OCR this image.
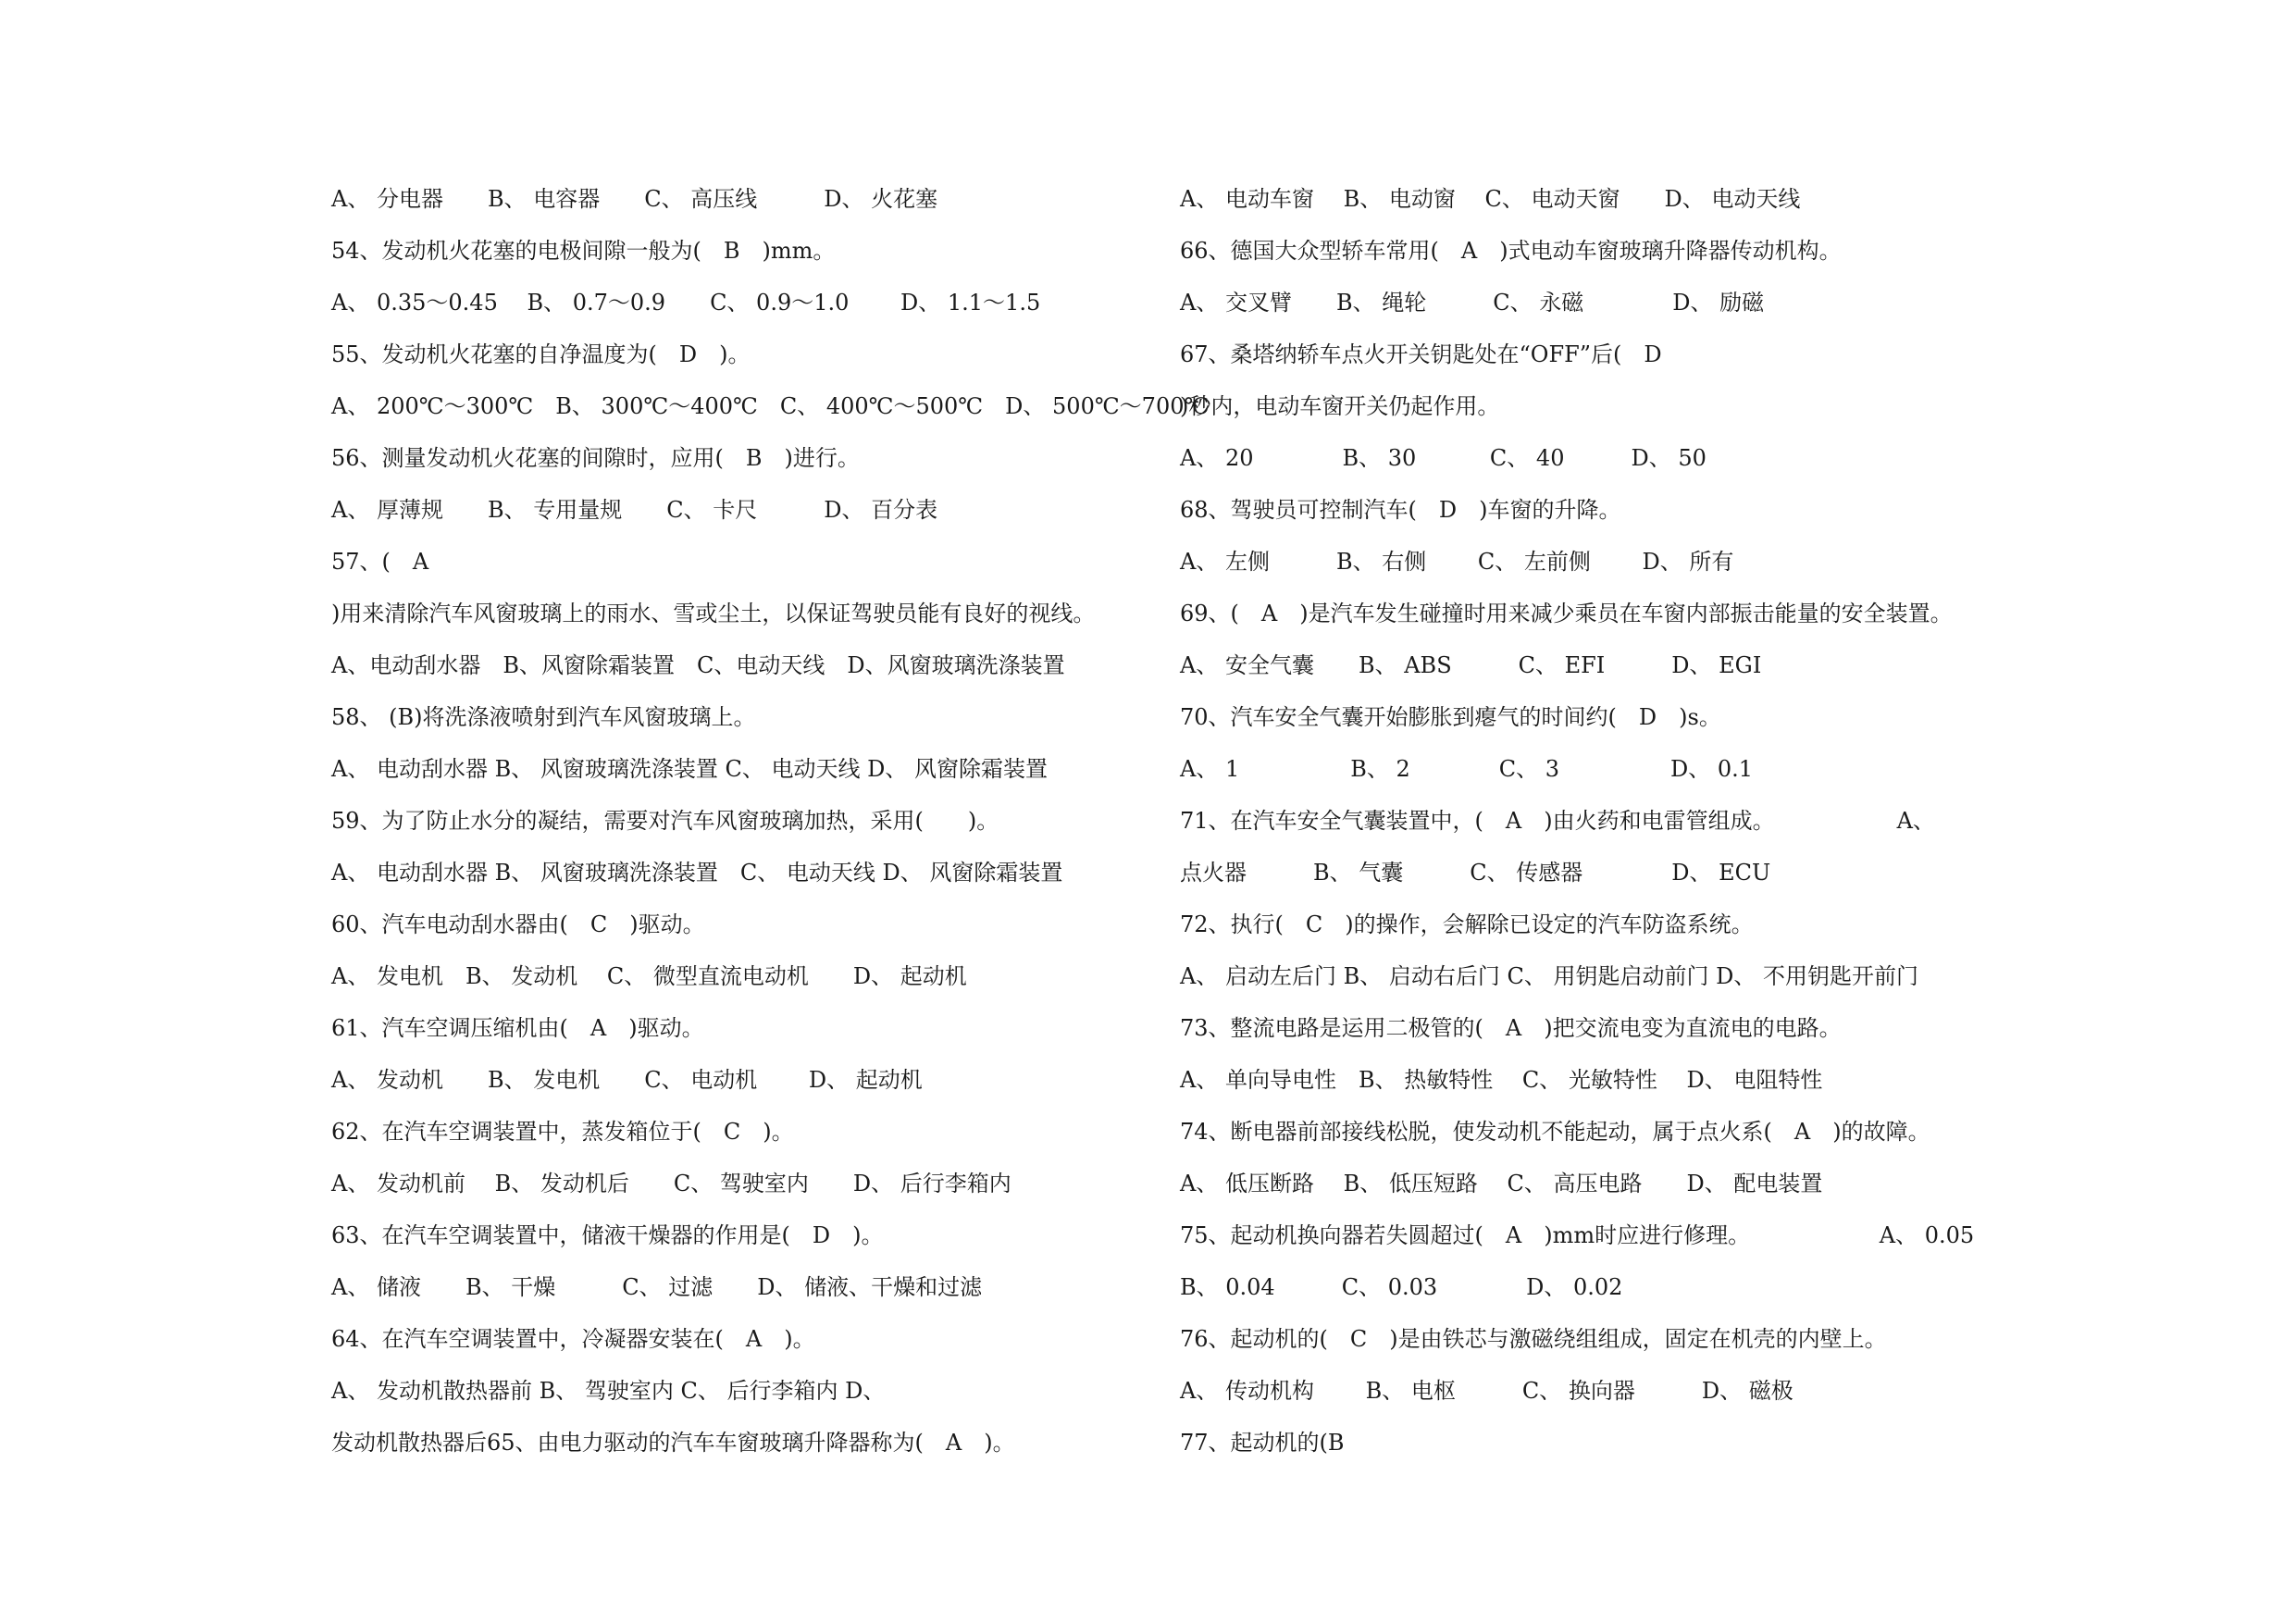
A、 分电器　　B、 电容器　　C、 高压线　　　D、 火花塞
54、发动机火花塞的电极间隙一般为(　B　)mm。
A、 0.35～0.45　 B、 0.7～0.9　　C、 0.9～1.0　　 D、 1.1～1.5
55、发动机火花塞的自净温度为(　D　)。
A、 200℃～300℃　B、 300℃～400℃　C、 400℃～500℃　D、 500℃～700℃
56、测量发动机火花塞的间隙时，应用(　B　)进行。
A、 厚薄规　　B、 专用量规　　C、 卡尺　　　D、 百分表
57、(　A
)用来清除汽车风窗玻璃上的雨水、雪或尘土，以保证驾驶员能有良好的视线。
A、电动刮水器　B、风窗除霜装置　C、电动天线　D、风窗玻璃洗涤装置
58、 (B)将洗涤液喷射到汽车风窗玻璃上。
A、 电动刮水器 B、 风窗玻璃洗涤装置 C、 电动天线 D、 风窗除霜装置
59、为了防止水分的凝结，需要对汽车风窗玻璃加热，采用(　　)。
A、 电动刮水器 B、 风窗玻璃洗涤装置　C、 电动天线 D、 风窗除霜装置
60、汽车电动刮水器由(　C　)驱动。
A、 发电机　B、 发动机　 C、 微型直流电动机　　D、 起动机
61、汽车空调压缩机由(　A　)驱动。
A、 发动机　　B、 发电机　　C、 电动机　　 D、 起动机
62、在汽车空调装置中，蒸发箱位于(　C　)。
A、 发动机前　 B、 发动机后　　C、 驾驶室内　　D、 后行李箱内
63、在汽车空调装置中，储液干燥器的作用是(　D　)。
A、 储液　　B、 干燥　　　C、 过滤　　D、 储液、干燥和过滤
64、在汽车空调装置中，冷凝器安装在(　A　)。
A、 发动机散热器前 B、 驾驶室内 C、 后行李箱内 D、
发动机散热器后65、由电力驱动的汽车车窗玻璃升降器称为(　A　)。
A、 电动车窗　 B、 电动窗　 C、 电动天窗　　D、 电动天线
66、德国大众型轿车常用(　A　)式电动车窗玻璃升降器传动机构。
A、 交叉臂　　B、 绳轮　　　C、 永磁　　　　D、 励磁
67、桑塔纳轿车点火开关钥匙处在“OFF”后(　D
)秒内，电动车窗开关仍起作用。
A、 20　　　　B、 30　　　 C、 40　　　D、 50
68、驾驶员可控制汽车(　D　)车窗的升降。
A、 左侧　　　B、 右侧　　 C、 左前侧　　 D、 所有
69、(　A　)是汽车发生碰撞时用来减少乘员在车窗内部振击能量的安全装置。
A、 安全气囊　　B、 ABS　　　C、 EFI　　　D、 EGI
70、汽车安全气囊开始膨胀到瘪气的时间约(　D　)s。
A、 1　　　　　B、 2　　　　C、 3　　　　　D、 0.1
71、在汽车安全气囊装置中，(　A　)由火药和电雷管组成。　　　　　　A、
点火器　　　B、 气囊　　　C、 传感器　　　　D、 ECU
72、执行(　C　)的操作，会解除已设定的汽车防盗系统。
A、 启动左后门 B、 启动右后门 C、 用钥匙启动前门 D、 不用钥匙开前门
73、整流电路是运用二极管的(　A　)把交流电变为直流电的电路。
A、 单向导电性　B、 热敏特性　 C、 光敏特性　 D、 电阻特性
74、断电器前部接线松脱，使发动机不能起动，属于点火系(　A　)的故障。
A、 低压断路　 B、 低压短路　 C、 高压电路　　D、 配电装置
75、起动机换向器若失圆超过(　A　)mm时应进行修理。　　　　　　 A、 0.05
B、 0.04　　　C、 0.03　　　　D、 0.02
76、起动机的(　C　)是由铁芯与激磁绕组组成，固定在机壳的内壁上。
A、 传动机构　　 B、 电枢　　　C、 换向器　　　D、 磁极
77、起动机的(B
